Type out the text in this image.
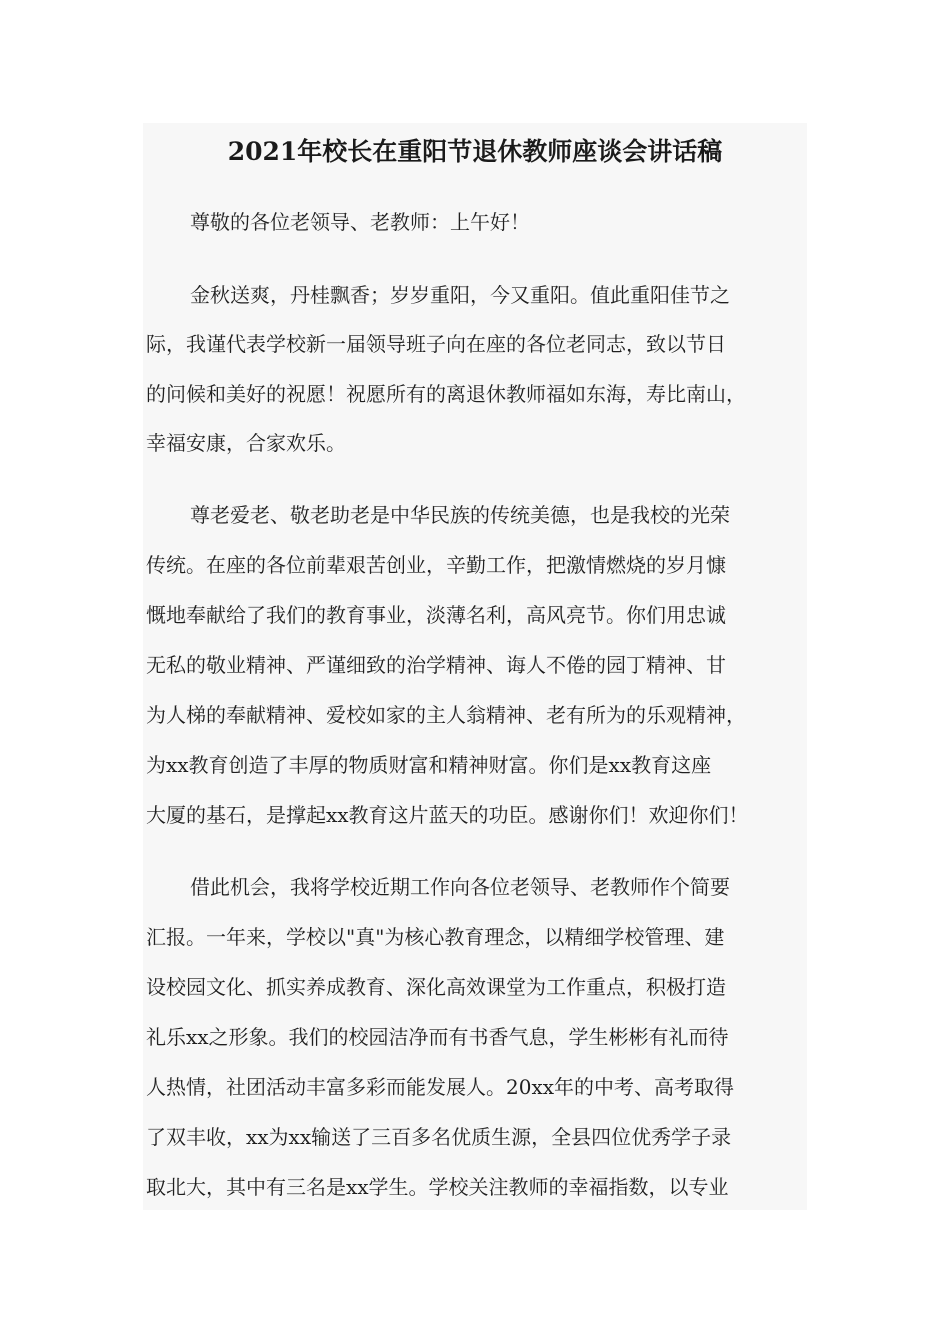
2021年校长在重阳节退休教师座谈会讲话稿

尊敬的各位老领导、老教师：上午好！

金秋送爽，丹桂飘香；岁岁重阳，今又重阳。值此重阳佳节之

际，我谨代表学校新一届领导班子向在座的各位老同志，致以节日

的问候和美好的祝愿！祝愿所有的离退休教师福如东海，寿比南山，

幸福安康，合家欢乐。

尊老爱老、敬老助老是中华民族的传统美德，也是我校的光荣

传统。在座的各位前辈艰苦创业，辛勤工作，把激情燃烧的岁月慷

慨地奉献给了我们的教育事业，淡薄名利，高风亮节。你们用忠诚

无私的敬业精神、严谨细致的治学精神、诲人不倦的园丁精神、甘

为人梯的奉献精神、爱校如家的主人翁精神、老有所为的乐观精神，

为xx教育创造了丰厚的物质财富和精神财富。你们是xx教育这座

大厦的基石，是撑起xx教育这片蓝天的功臣。感谢你们！欢迎你们！

借此机会，我将学校近期工作向各位老领导、老教师作个简要

汇报。一年来，学校以"真"为核心教育理念，以精细学校管理、建

设校园文化、抓实养成教育、深化高效课堂为工作重点，积极打造

礼乐xx之形象。我们的校园洁净而有书香气息，学生彬彬有礼而待

人热情，社团活动丰富多彩而能发展人。20xx年的中考、高考取得

了双丰收，xx为xx输送了三百多名优质生源，全县四位优秀学子录

取北大，其中有三名是xx学生。学校关注教师的幸福指数，以专业
